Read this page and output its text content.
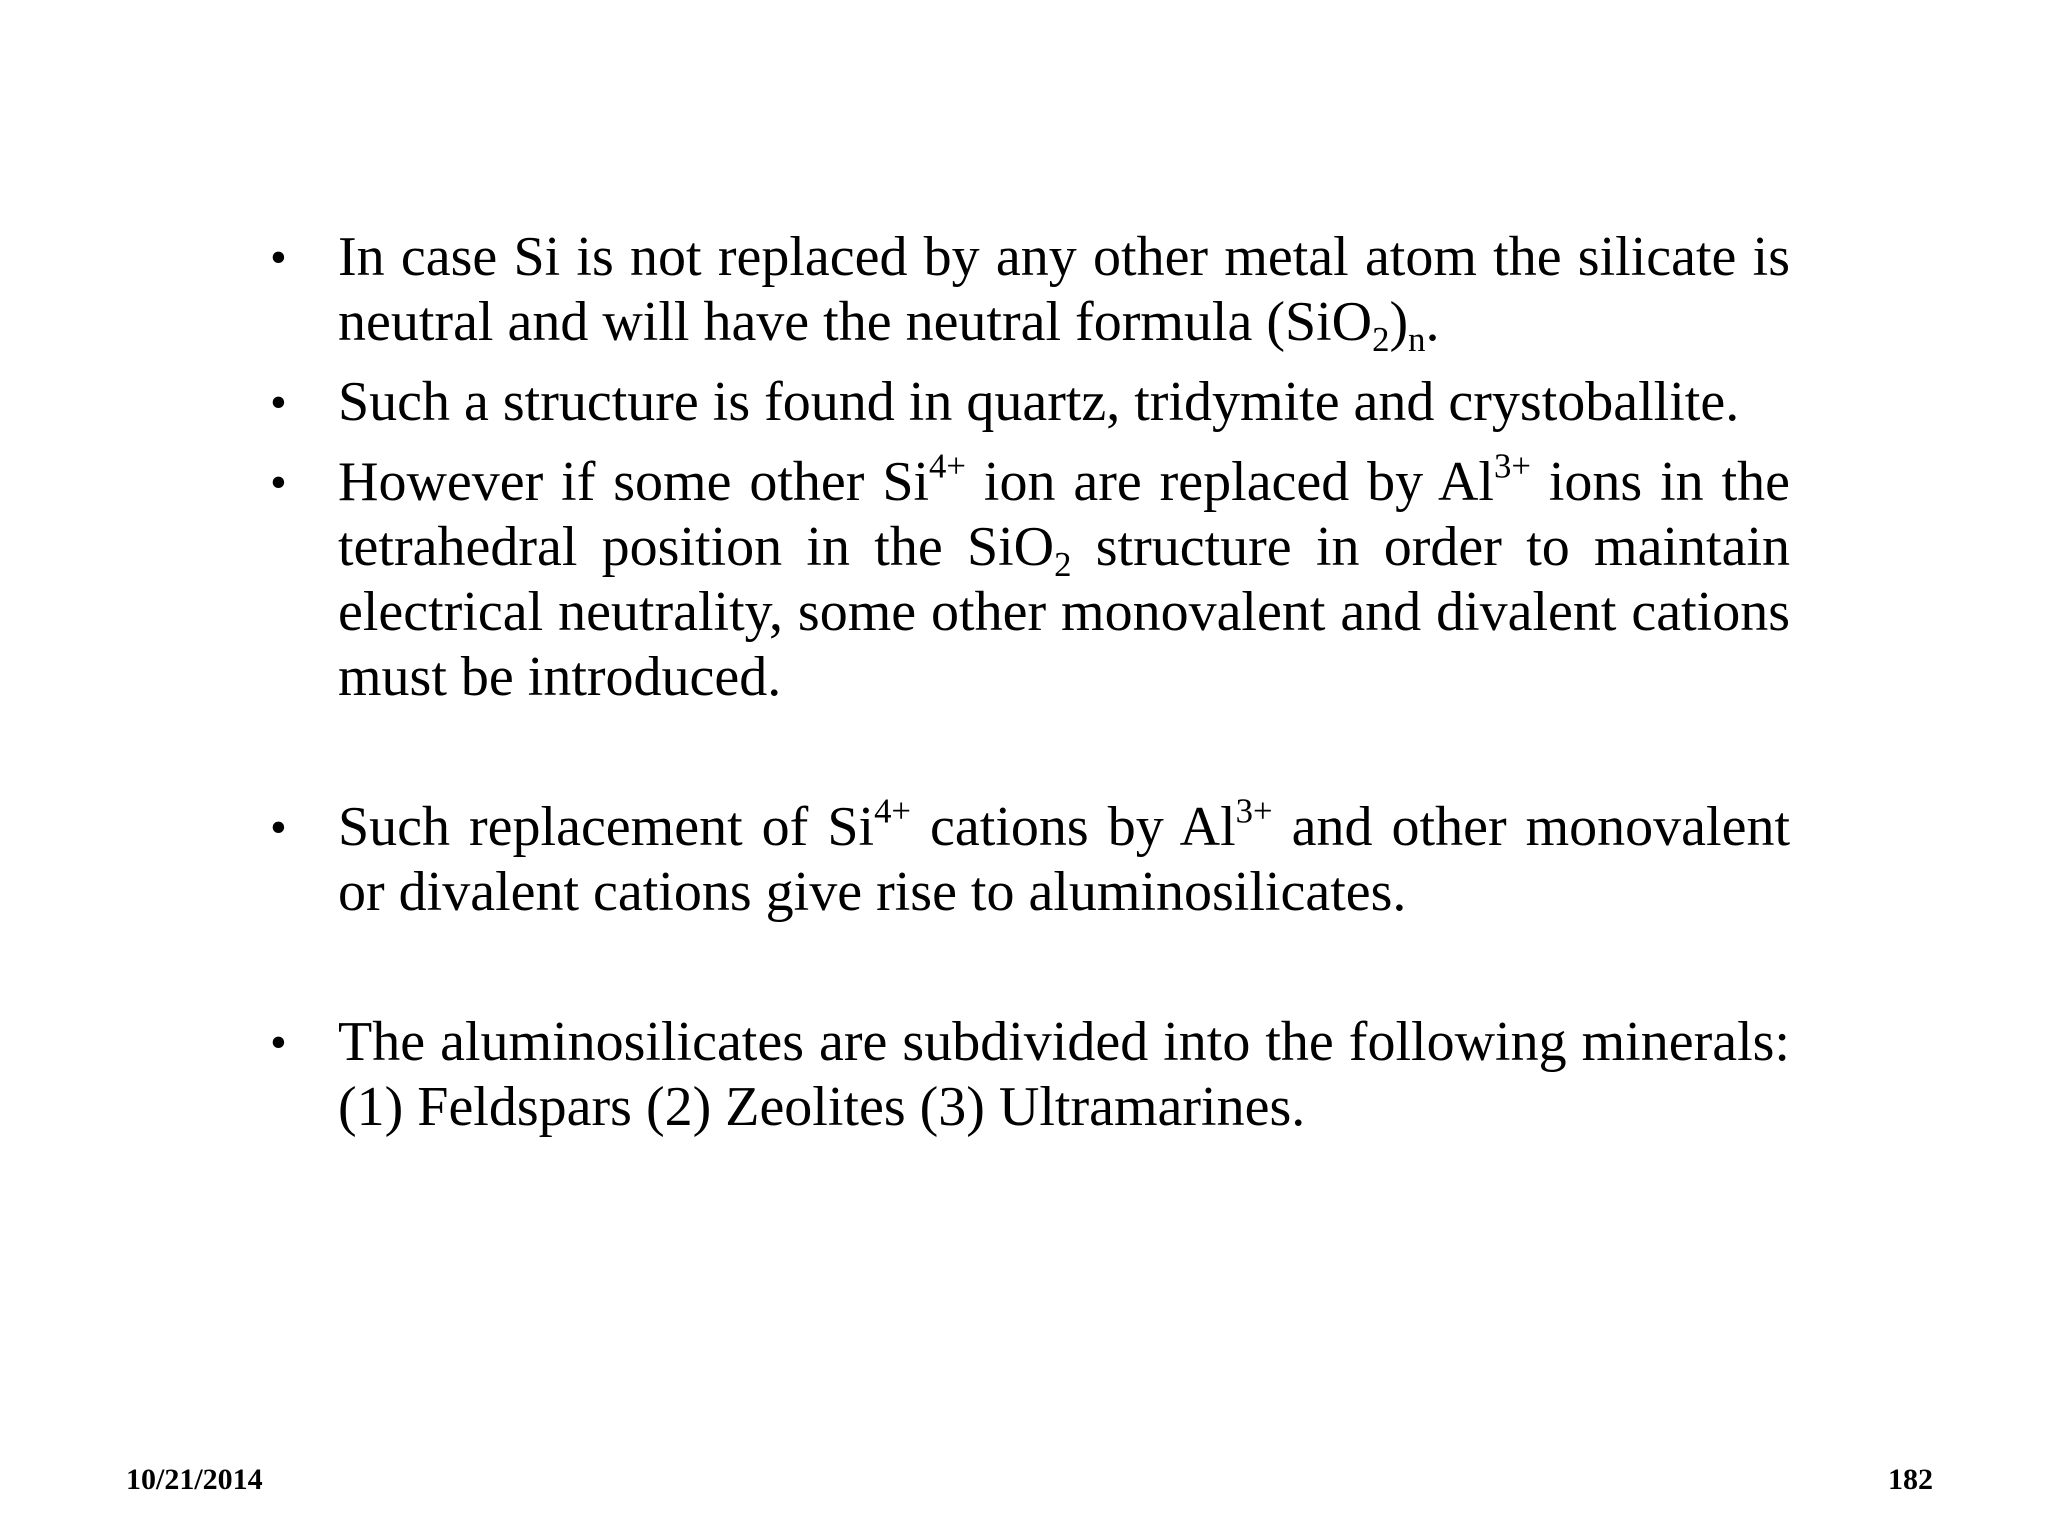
• In case Si is not replaced by any other metal atom the silicate is neutral and will have the neutral formula $(SiO_2)_n$.
• Such a structure is found in quartz, tridymite and crystoballite.
• However if some other $Si^{4+}$ ion are replaced by $Al^{3+}$ ions in the tetrahedral position in the SiO$_2$ structure in order to maintain electrical neutrality, some other monovalent and divalent cations must be introduced.
• Such replacement of $Si^{4+}$ cations by $Al^{3+}$ and other monovalent or divalent cations give rise to aluminosilicates.
• The aluminosilicates are subdivided into the following minerals: (1) Feldspars (2) Zeolites (3) Ultramarines.
10/21/2014	182
